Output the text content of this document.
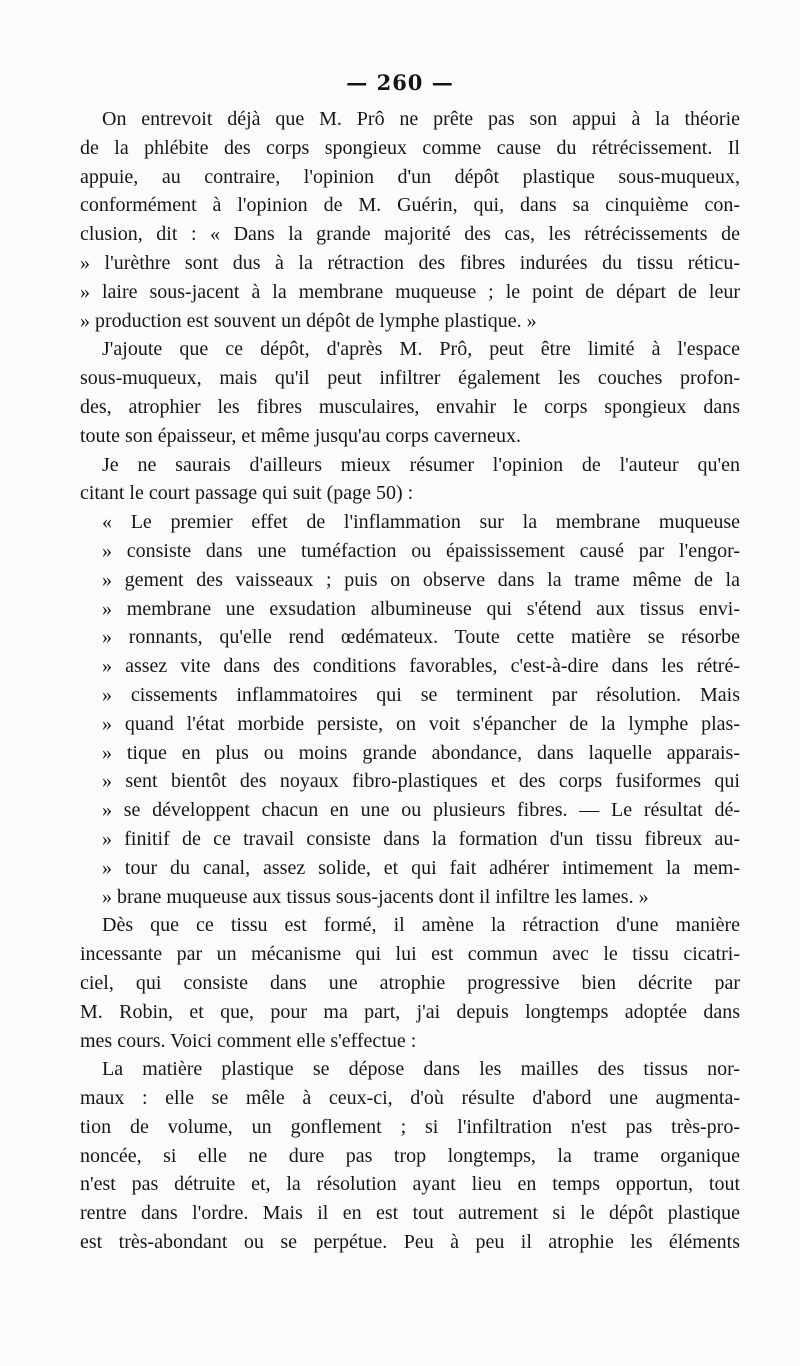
— 260 —
On entrevoit déjà que M. Prô ne prête pas son appui à la théorie
de la phlébite des corps spongieux comme cause du rétrécissement. Il
appuie, au contraire, l'opinion d'un dépôt plastique sous-muqueux,
conformément à l'opinion de M. Guérin, qui, dans sa cinquième con-
clusion, dit : « Dans la grande majorité des cas, les rétrécissements de
» l'urèthre sont dus à la rétraction des fibres indurées du tissu réticu-
» laire sous-jacent à la membrane muqueuse ; le point de départ de leur
» production est souvent un dépôt de lymphe plastique. »
J'ajoute que ce dépôt, d'après M. Prô, peut être limité à l'espace
sous-muqueux, mais qu'il peut infiltrer également les couches profon-
des, atrophier les fibres musculaires, envahir le corps spongieux dans
toute son épaisseur, et même jusqu'au corps caverneux.
Je ne saurais d'ailleurs mieux résumer l'opinion de l'auteur qu'en
citant le court passage qui suit (page 50) :
« Le premier effet de l'inflammation sur la membrane muqueuse
» consiste dans une tuméfaction ou épaississement causé par l'engor-
» gement des vaisseaux ; puis on observe dans la trame même de la
» membrane une exsudation albumineuse qui s'étend aux tissus envi-
» ronnants, qu'elle rend œdémateux. Toute cette matière se résorbe
» assez vite dans des conditions favorables, c'est-à-dire dans les rétré-
» cissements inflammatoires qui se terminent par résolution. Mais
» quand l'état morbide persiste, on voit s'épancher de la lymphe plas-
» tique en plus ou moins grande abondance, dans laquelle apparais-
» sent bientôt des noyaux fibro-plastiques et des corps fusiformes qui
» se développent chacun en une ou plusieurs fibres. — Le résultat dé-
» finitif de ce travail consiste dans la formation d'un tissu fibreux au-
» tour du canal, assez solide, et qui fait adhérer intimement la mem-
» brane muqueuse aux tissus sous-jacents dont il infiltre les lames. »
Dès que ce tissu est formé, il amène la rétraction d'une manière
incessante par un mécanisme qui lui est commun avec le tissu cicatri-
ciel, qui consiste dans une atrophie progressive bien décrite par
M. Robin, et que, pour ma part, j'ai depuis longtemps adoptée dans
mes cours. Voici comment elle s'effectue :
La matière plastique se dépose dans les mailles des tissus nor-
maux : elle se mêle à ceux-ci, d'où résulte d'abord une augmenta-
tion de volume, un gonflement ; si l'infiltration n'est pas très-pro-
noncée, si elle ne dure pas trop longtemps, la trame organique
n'est pas détruite et, la résolution ayant lieu en temps opportun, tout
rentre dans l'ordre. Mais il en est tout autrement si le dépôt plastique
est très-abondant ou se perpétue. Peu à peu il atrophie les éléments
